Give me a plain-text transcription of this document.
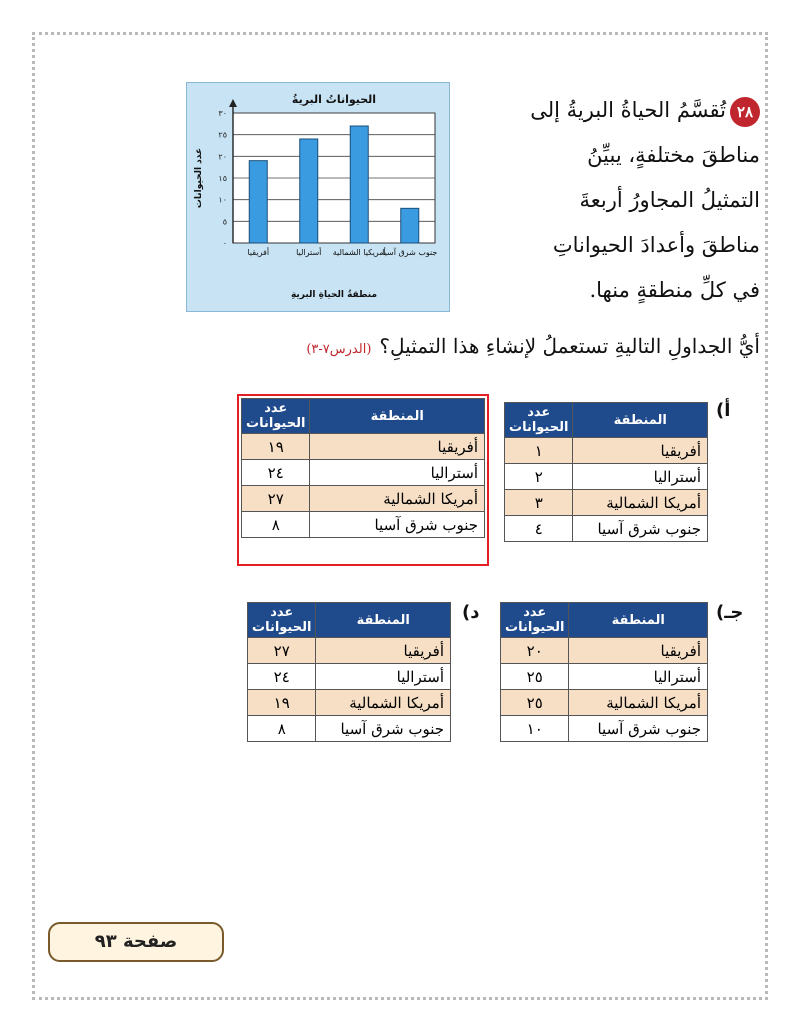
٢٨تُقسَّمُ الحياةُ البريةُ إلى
مناطقَ مختلفةٍ، يبيِّنُ
التمثيلُ المجاورُ أربعةَ
مناطقَ وأعدادَ الحيواناتِ
في كلِّ منطقةٍ منها.
أيُّ الجداولِ التاليةِ تستعملُ لإنشاءِ هذا التمثيلِ؟(الدرس٧-٣)
٠
٥
١٠
١٥
٢٠
٢٥
٣٠
أفريقيا	أستراليا أمريكيا الشمالية
جنوب شرق آسيا
الحيواناتُ البريةُ
منطقةُ الحياةِ البريةِ
عدد الحيوانات
المنطقة	عدد الحيوانات
أفريقيا	١٩
أستراليا	٢٤
أمريكا الشمالية	٢٧
جنوب شرق آسيا	٨
أ)
المنطقة	عدد الحيوانات
أفريقيا	١
أستراليا	٢
أمريكا الشمالية	٣
جنوب شرق آسيا	٤
د)
المنطقة	عدد الحيوانات
أفريقيا	٢٧
أستراليا	٢٤
أمريكا الشمالية	١٩
جنوب شرق آسيا	٨
جـ)
المنطقة	عدد الحيوانات
أفريقيا	٢٠
أستراليا	٢٥
أمريكا الشمالية	٢٥
جنوب شرق آسيا	١٠
صفحة ٩٣
